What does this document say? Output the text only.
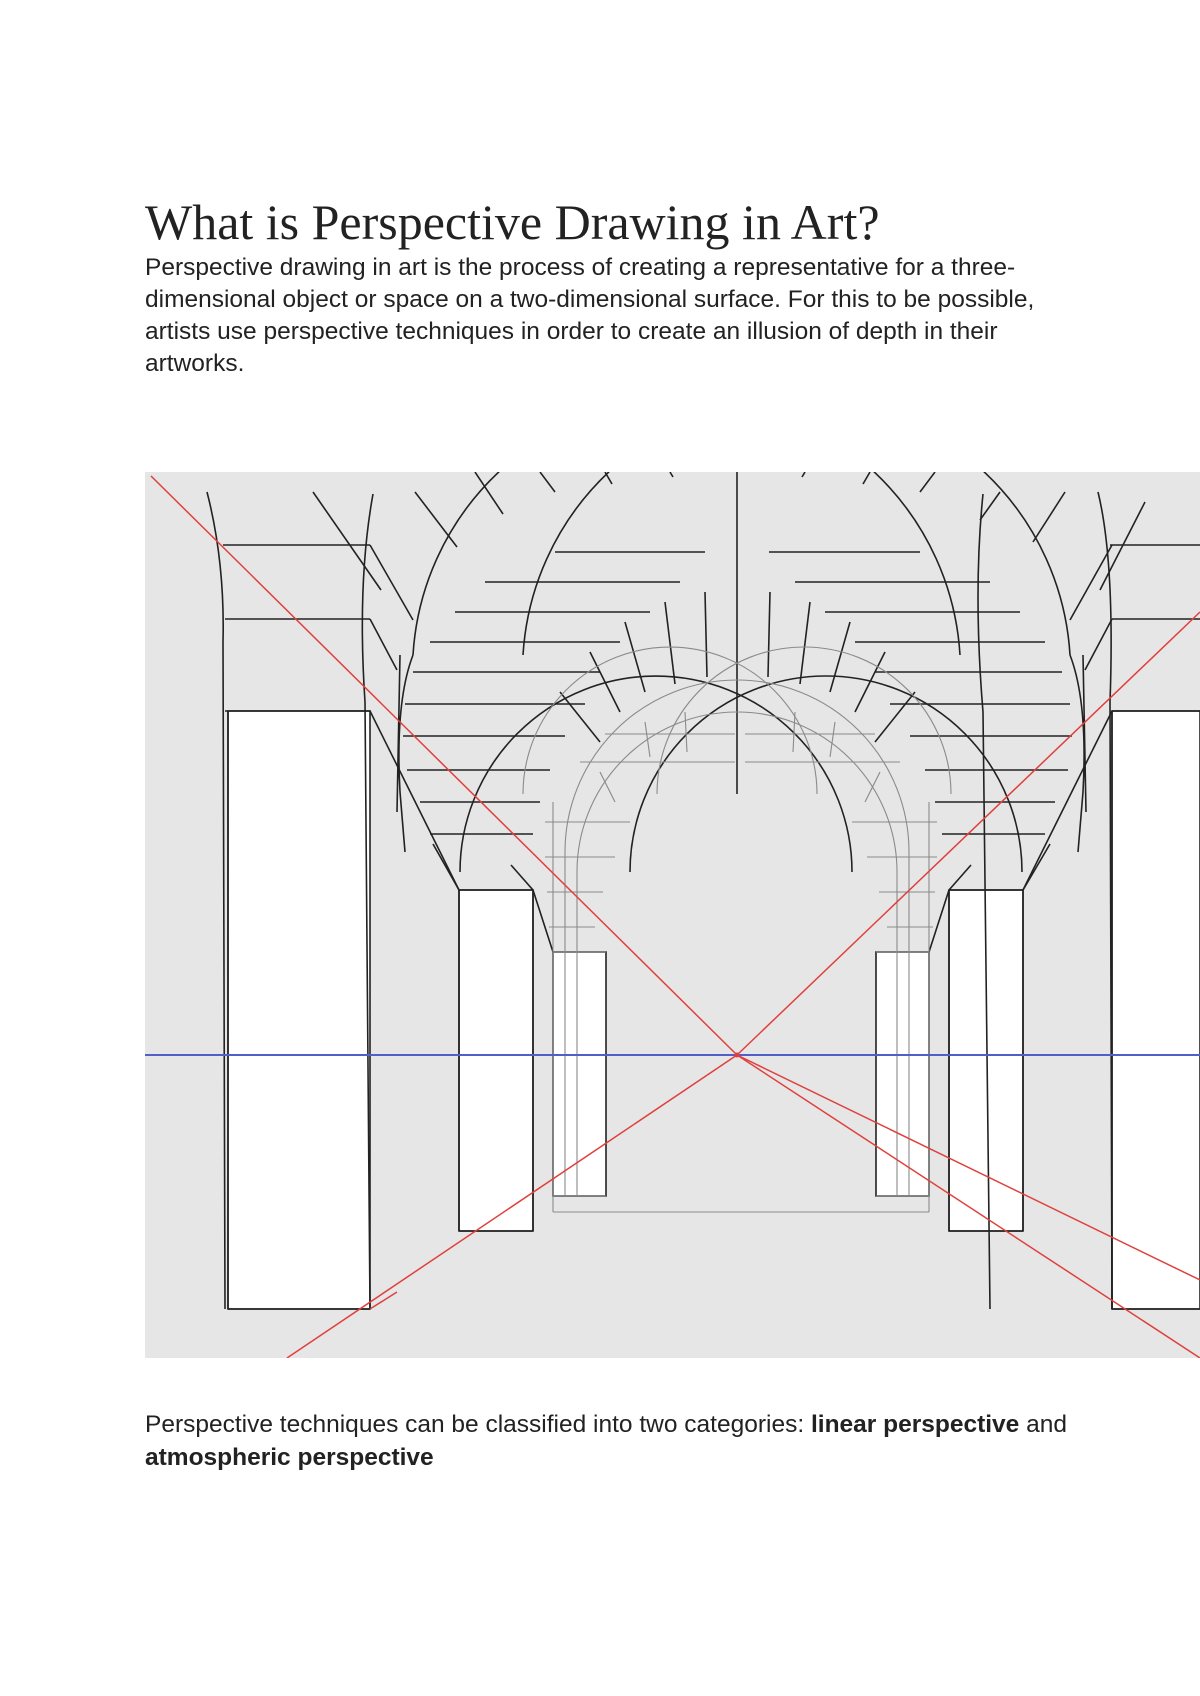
What is Perspective Drawing in Art?

Perspective drawing in art is the process of creating a representative for a three-dimensional object or space on a two-dimensional surface. For this to be possible, artists use perspective techniques in order to create an illusion of depth in their artworks.

Perspective techniques can be classified into two categories: linear perspective and atmospheric perspective
